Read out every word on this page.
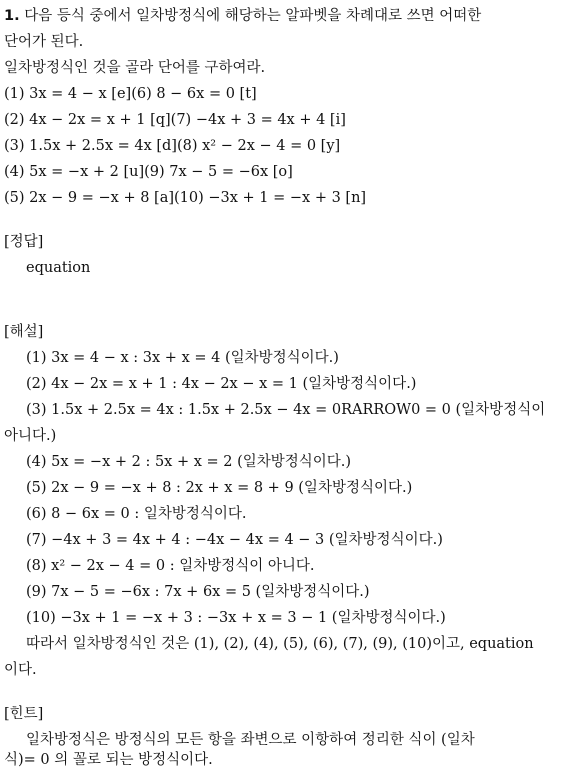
1. 다음 등식 중에서 일차방정식에 해당하는 알파벳을 차례대로 쓰면 어떠한
단어가 된다.
일차방정식인 것을 골라 단어를 구하여라.
(1) 3x = 4 − x [e](6) 8 − 6x = 0 [t]
(2) 4x − 2x = x + 1 [q](7) −4x + 3 = 4x + 4 [i]
(3) 1.5x + 2.5x = 4x [d](8) x² − 2x − 4 = 0 [y]
(4) 5x = −x + 2 [u](9) 7x − 5 = −6x [o]
(5) 2x − 9 = −x + 8 [a](10) −3x + 1 = −x + 3 [n]
[정답]
equation
[해설]
(1) 3x = 4 − x : 3x + x = 4 (일차방정식이다.)
(2) 4x − 2x = x + 1 : 4x − 2x − x = 1 (일차방정식이다.)
(3) 1.5x + 2.5x = 4x : 1.5x + 2.5x − 4x = 0RARROW0 = 0 (일차방정식이
아니다.)
(4) 5x = −x + 2 : 5x + x = 2 (일차방정식이다.)
(5) 2x − 9 = −x + 8 : 2x + x = 8 + 9 (일차방정식이다.)
(6) 8 − 6x = 0 : 일차방정식이다.
(7) −4x + 3 = 4x + 4 : −4x − 4x = 4 − 3 (일차방정식이다.)
(8) x² − 2x − 4 = 0 : 일차방정식이 아니다.
(9) 7x − 5 = −6x : 7x + 6x = 5 (일차방정식이다.)
(10) −3x + 1 = −x + 3 : −3x + x = 3 − 1 (일차방정식이다.)
따라서 일차방정식인 것은 (1), (2), (4), (5), (6), (7), (9), (10)이고, equation
이다.
[힌트]
일차방정식은 방정식의 모든 항을 좌변으로 이항하여 정리한 식이 (일차
식)= 0 의 꼴로 되는 방정식이다.
